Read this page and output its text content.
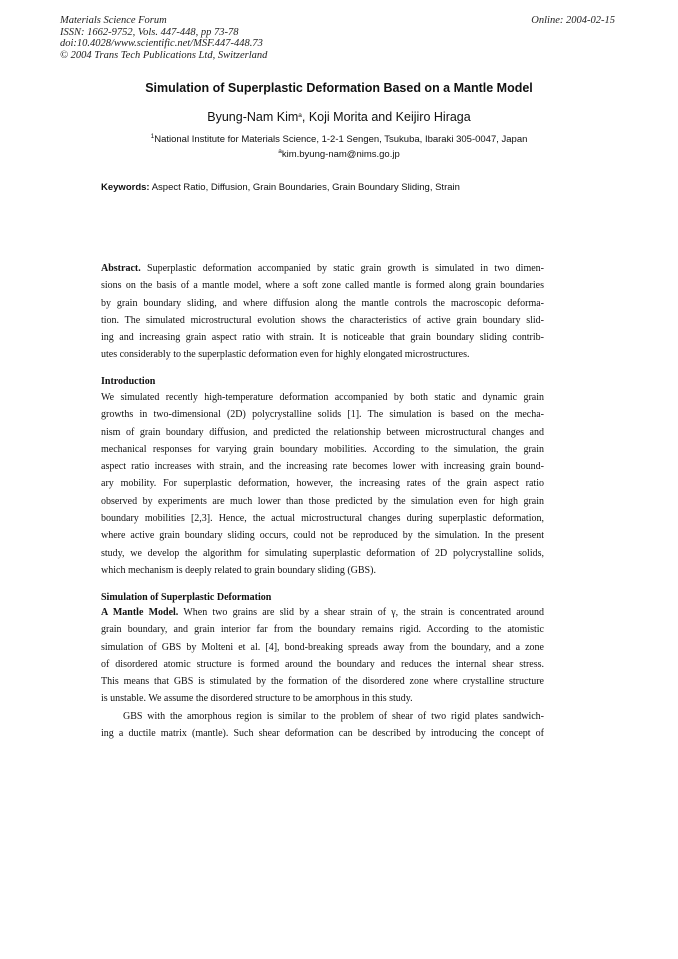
Materials Science Forum
ISSN: 1662-9752, Vols. 447-448, pp 73-78
doi:10.4028/www.scientific.net/MSF.447-448.73
© 2004 Trans Tech Publications Ltd, Switzerland
Online: 2004-02-15
Simulation of Superplastic Deformation Based on a Mantle Model
Byung-Nam Kim$^a$, Koji Morita and Keijiro Hiraga
$^1$National Institute for Materials Science, 1-2-1 Sengen, Tsukuba, Ibaraki 305-0047, Japan
$^a$kim.byung-nam@nims.go.jp
Keywords: Aspect Ratio, Diffusion, Grain Boundaries, Grain Boundary Sliding, Strain
Abstract. Superplastic deformation accompanied by static grain growth is simulated in two dimen-
sions on the basis of a mantle model, where a soft zone called mantle is formed along grain boundaries
by grain boundary sliding, and where diffusion along the mantle controls the macroscopic deforma-
tion. The simulated microstructural evolution shows the characteristics of active grain boundary slid-
ing and increasing grain aspect ratio with strain. It is noticeable that grain boundary sliding contrib-
utes considerably to the superplastic deformation even for highly elongated microstructures.
Introduction
We simulated recently high-temperature deformation accompanied by both static and dynamic grain
growths in two-dimensional (2D) polycrystalline solids [1]. The simulation is based on the mecha-
nism of grain boundary diffusion, and predicted the relationship between microstructural changes and
mechanical responses for varying grain boundary mobilities. According to the simulation, the grain
aspect ratio increases with strain, and the increasing rate becomes lower with increasing grain bound-
ary mobility. For superplastic deformation, however, the increasing rates of the grain aspect ratio
observed by experiments are much lower than those predicted by the simulation even for high grain
boundary mobilities [2,3]. Hence, the actual microstructural changes during superplastic deformation,
where active grain boundary sliding occurs, could not be reproduced by the simulation. In the present
study, we develop the algorithm for simulating superplastic deformation of 2D polycrystalline solids,
which mechanism is deeply related to grain boundary sliding (GBS).
Simulation of Superplastic Deformation
A Mantle Model. When two grains are slid by a shear strain of γ, the strain is concentrated around
grain boundary, and grain interior far from the boundary remains rigid. According to the atomistic
simulation of GBS by Molteni et al. [4], bond-breaking spreads away from the boundary, and a zone
of disordered atomic structure is formed around the boundary and reduces the internal shear stress.
This means that GBS is stimulated by the formation of the disordered zone where crystalline structure
is unstable. We assume the disordered structure to be amorphous in this study.
GBS with the amorphous region is similar to the problem of shear of two rigid plates sandwich-
ing a ductile matrix (mantle). Such shear deformation can be described by introducing the concept of
